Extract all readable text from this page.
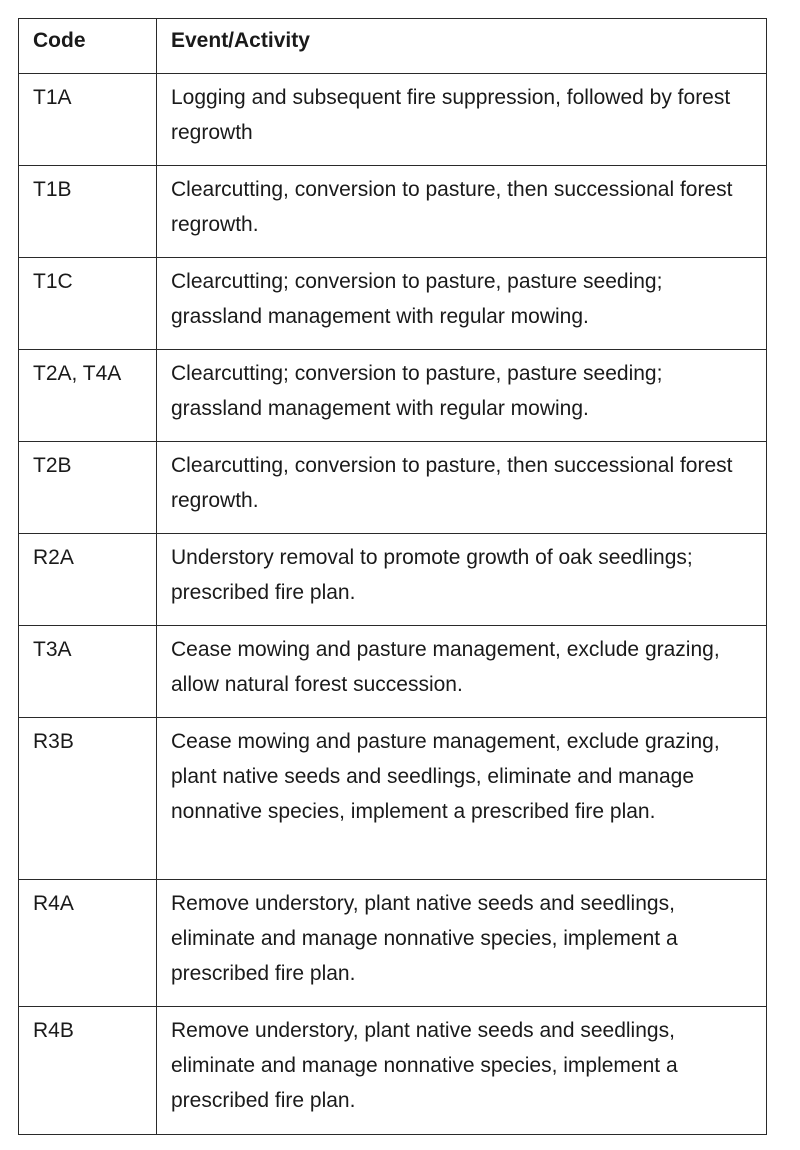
Code	Event/Activity
T1A	Logging and subsequent fire suppression, followed by forest regrowth
T1B	Clearcutting, conversion to pasture, then successional forest regrowth.
T1C	Clearcutting; conversion to pasture, pasture seeding; grassland management with regular mowing.
T2A, T4A	Clearcutting; conversion to pasture, pasture seeding; grassland management with regular mowing.
T2B	Clearcutting, conversion to pasture, then successional forest regrowth.
R2A	Understory removal to promote growth of oak seedlings; prescribed fire plan.
T3A	Cease mowing and pasture management, exclude grazing, allow natural forest succession.
R3B	Cease mowing and pasture management, exclude grazing, plant native seeds and seedlings, eliminate and manage nonnative species, implement a prescribed fire plan.
R4A	Remove understory, plant native seeds and seedlings, eliminate and manage nonnative species, implement a prescribed fire plan.
R4B	Remove understory, plant native seeds and seedlings, eliminate and manage nonnative species, implement a prescribed fire plan.
